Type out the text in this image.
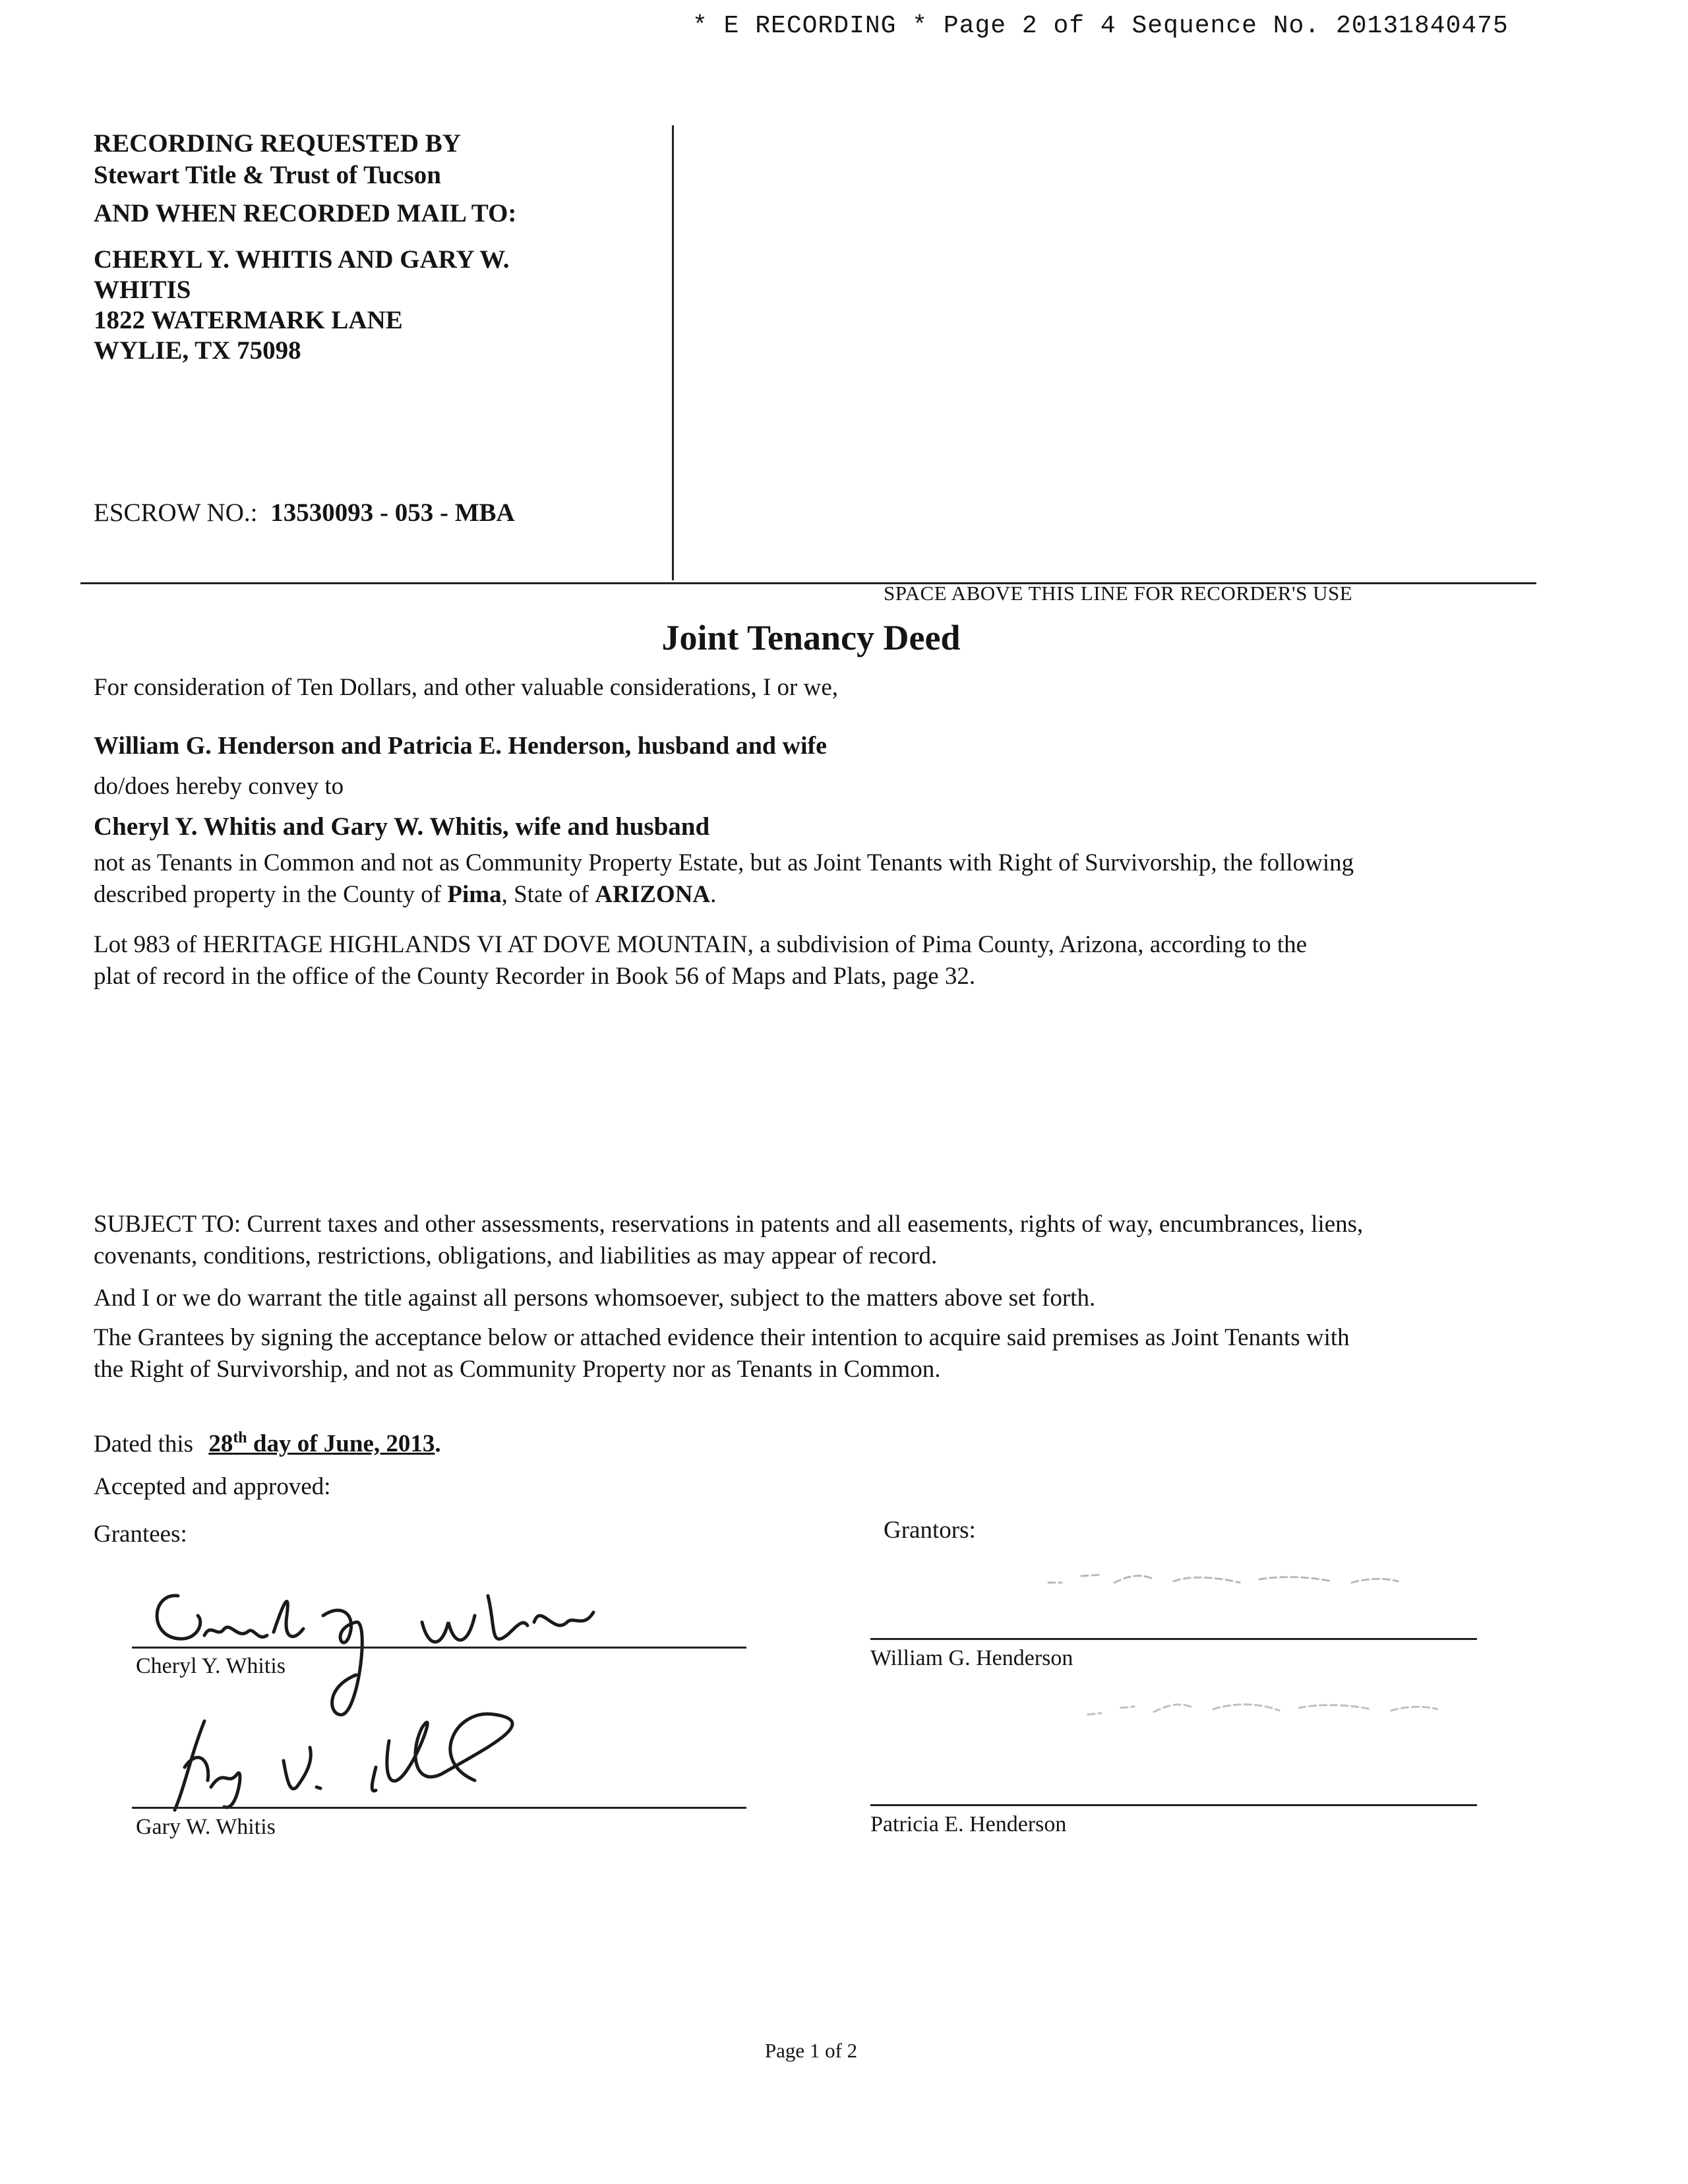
* E RECORDING * Page 2 of 4 Sequence No. 20131840475
RECORDING REQUESTED BY
Stewart Title & Trust of Tucson
AND WHEN RECORDED MAIL TO:
CHERYL Y. WHITIS AND GARY W.
WHITIS
1822 WATERMARK LANE
WYLIE, TX 75098
ESCROW NO.: 13530093 - 053 - MBA
SPACE ABOVE THIS LINE FOR RECORDER'S USE
Joint Tenancy Deed
For consideration of Ten Dollars, and other valuable considerations, I or we,
William G. Henderson and Patricia E. Henderson, husband and wife
do/does hereby convey to
Cheryl Y. Whitis and Gary W. Whitis, wife and husband
not as Tenants in Common and not as Community Property Estate, but as Joint Tenants with Right of Survivorship, the following
described property in the County of Pima, State of ARIZONA.
Lot 983 of HERITAGE HIGHLANDS VI AT DOVE MOUNTAIN, a subdivision of Pima County, Arizona, according to the
plat of record in the office of the County Recorder in Book 56 of Maps and Plats, page 32.
SUBJECT TO: Current taxes and other assessments, reservations in patents and all easements, rights of way, encumbrances, liens,
covenants, conditions, restrictions, obligations, and liabilities as may appear of record.
And I or we do warrant the title against all persons whomsoever, subject to the matters above set forth.
The Grantees by signing the acceptance below or attached evidence their intention to acquire said premises as Joint Tenants with
the Right of Survivorship, and not as Community Property nor as Tenants in Common.
Dated this 28th day of June, 2013.
Accepted and approved:
Grantees:	Grantors:
Cheryl Y. Whitis
Gary W. Whitis
William G. Henderson
Patricia E. Henderson
Page 1 of 2
